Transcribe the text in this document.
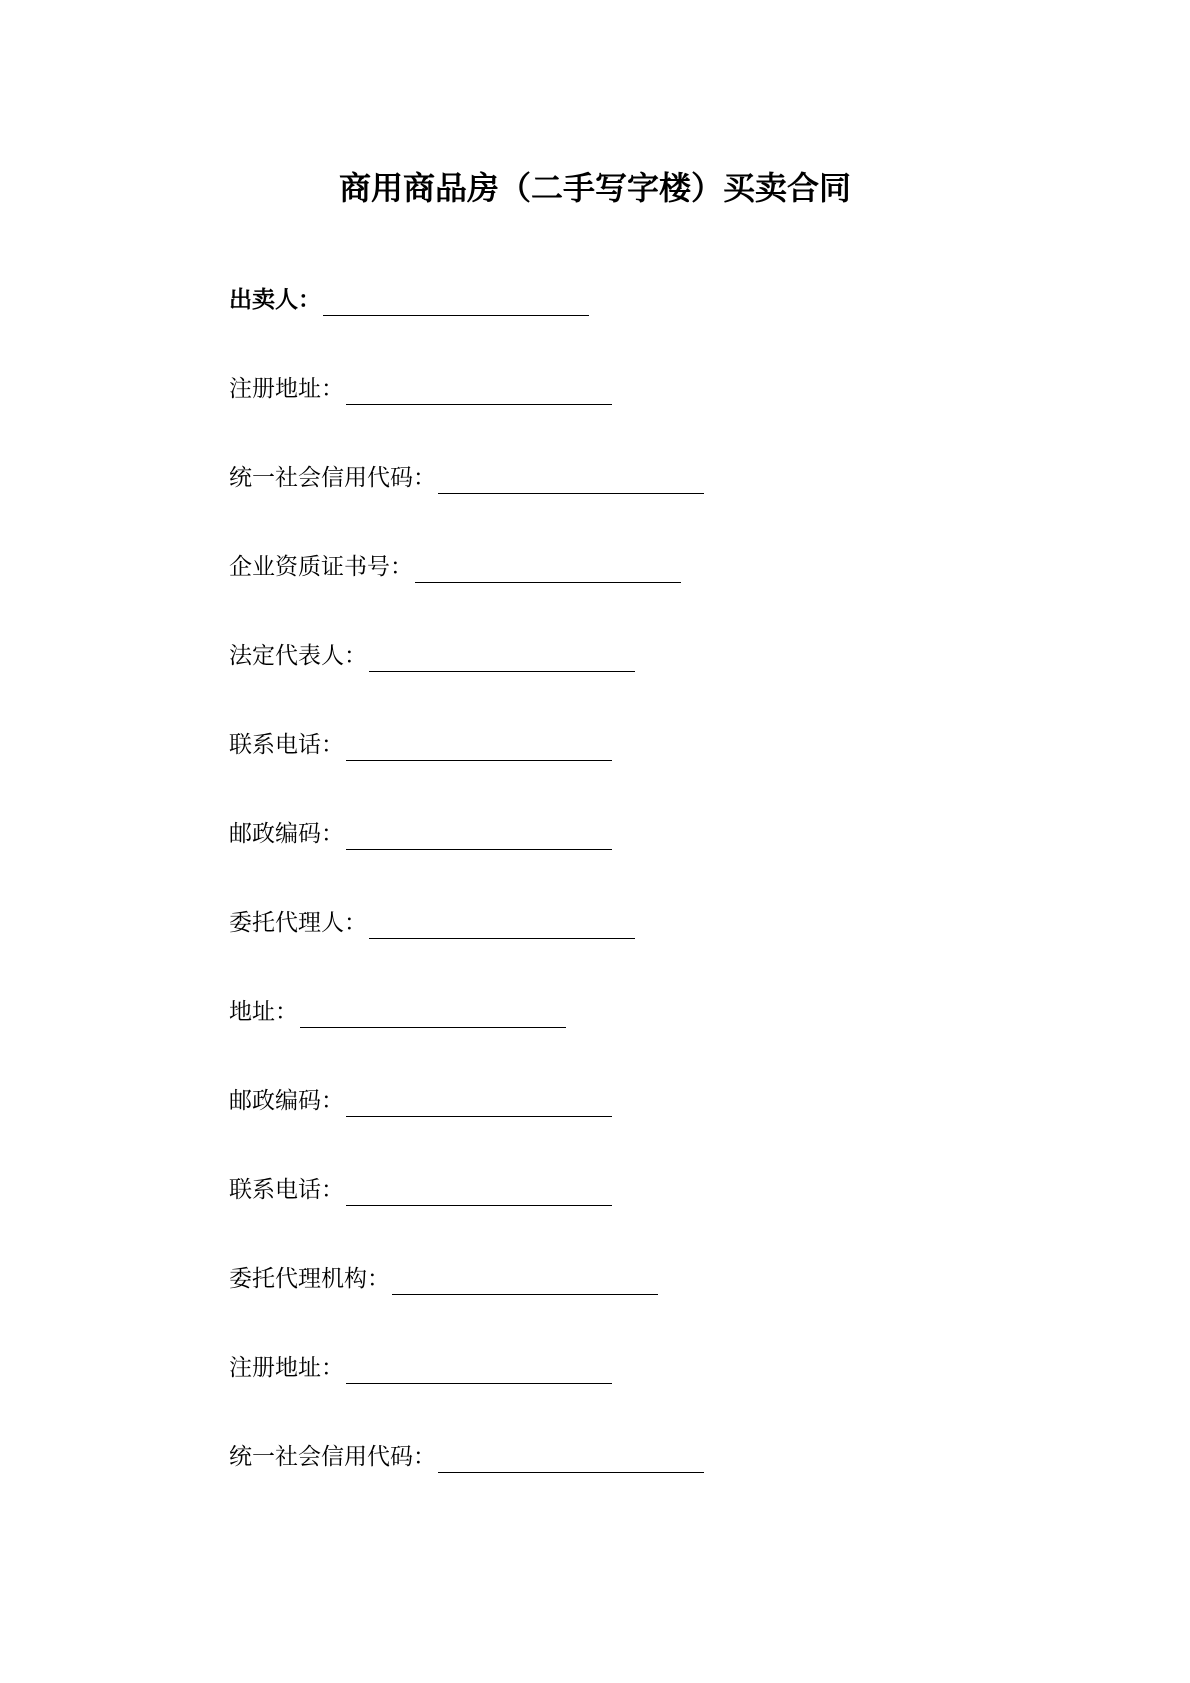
商用商品房（二手写字楼）买卖合同
出卖人：
注册地址：
统一社会信用代码：
企业资质证书号：
法定代表人：
联系电话：
邮政编码：
委托代理人：
地址：
邮政编码：
联系电话：
委托代理机构：
注册地址：
统一社会信用代码：
